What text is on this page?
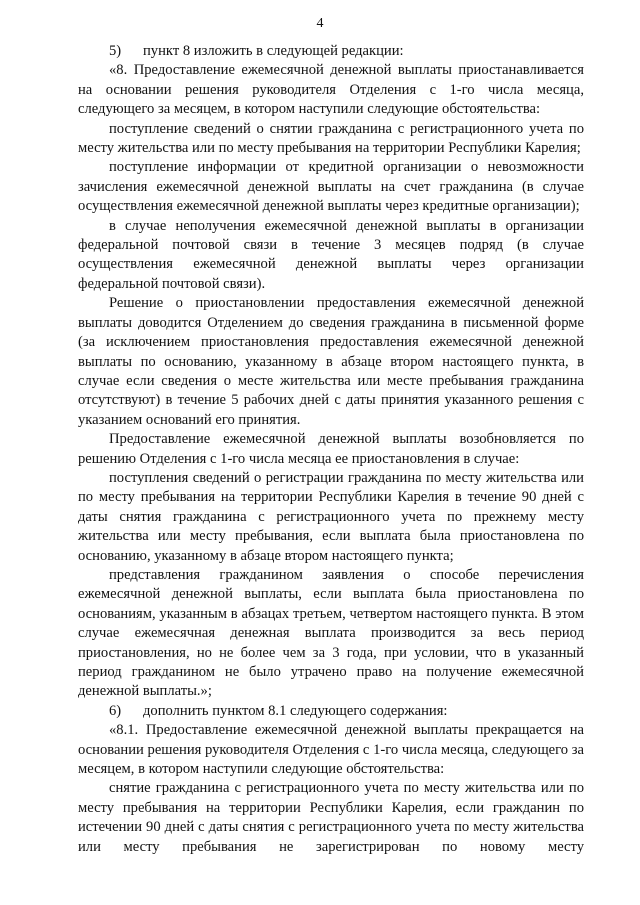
4

5) пункт 8 изложить в следующей редакции:

«8. Предоставление ежемесячной денежной выплаты приостанавливается на основании решения руководителя Отделения с 1-го числа месяца, следующего за месяцем, в котором наступили следующие обстоятельства:

поступление сведений о снятии гражданина с регистрационного учета по месту жительства или по месту пребывания на территории Республики Карелия;

поступление информации от кредитной организации о невозможности зачисления ежемесячной денежной выплаты на счет гражданина (в случае осуществления ежемесячной денежной выплаты через кредитные организации);

в случае неполучения ежемесячной денежной выплаты в организации федеральной почтовой связи в течение 3 месяцев подряд (в случае осуществления ежемесячной денежной выплаты через организации федеральной почтовой связи).

Решение о приостановлении предоставления ежемесячной денежной выплаты доводится Отделением до сведения гражданина в письменной форме (за исключением приостановления предоставления ежемесячной денежной выплаты по основанию, указанному в абзаце втором настоящего пункта, в случае если сведения о месте жительства или месте пребывания гражданина отсутствуют) в течение 5 рабочих дней с даты принятия указанного решения с указанием оснований его принятия.

Предоставление ежемесячной денежной выплаты возобновляется по решению Отделения с 1-го числа месяца ее приостановления в случае:

поступления сведений о регистрации гражданина по месту жительства или по месту пребывания на территории Республики Карелия в течение 90 дней с даты снятия гражданина с регистрационного учета по прежнему месту жительства или месту пребывания, если выплата была приостановлена по основанию, указанному в абзаце втором настоящего пункта;

представления гражданином заявления о способе перечисления ежемесячной денежной выплаты, если выплата была приостановлена по основаниям, указанным в абзацах третьем, четвертом настоящего пункта. В этом случае ежемесячная денежная выплата производится за весь период приостановления, но не более чем за 3 года, при условии, что в указанный период гражданином не было утрачено право на получение ежемесячной денежной выплаты.»;

6) дополнить пунктом 8.1 следующего содержания:

«8.1. Предоставление ежемесячной денежной выплаты прекращается на основании решения руководителя Отделения с 1-го числа месяца, следующего за месяцем, в котором наступили следующие обстоятельства:

снятие гражданина с регистрационного учета по месту жительства или по месту пребывания на территории Республики Карелия, если гражданин по истечении 90 дней с даты снятия с регистрационного учета по месту жительства или месту пребывания не зарегистрирован по новому месту
